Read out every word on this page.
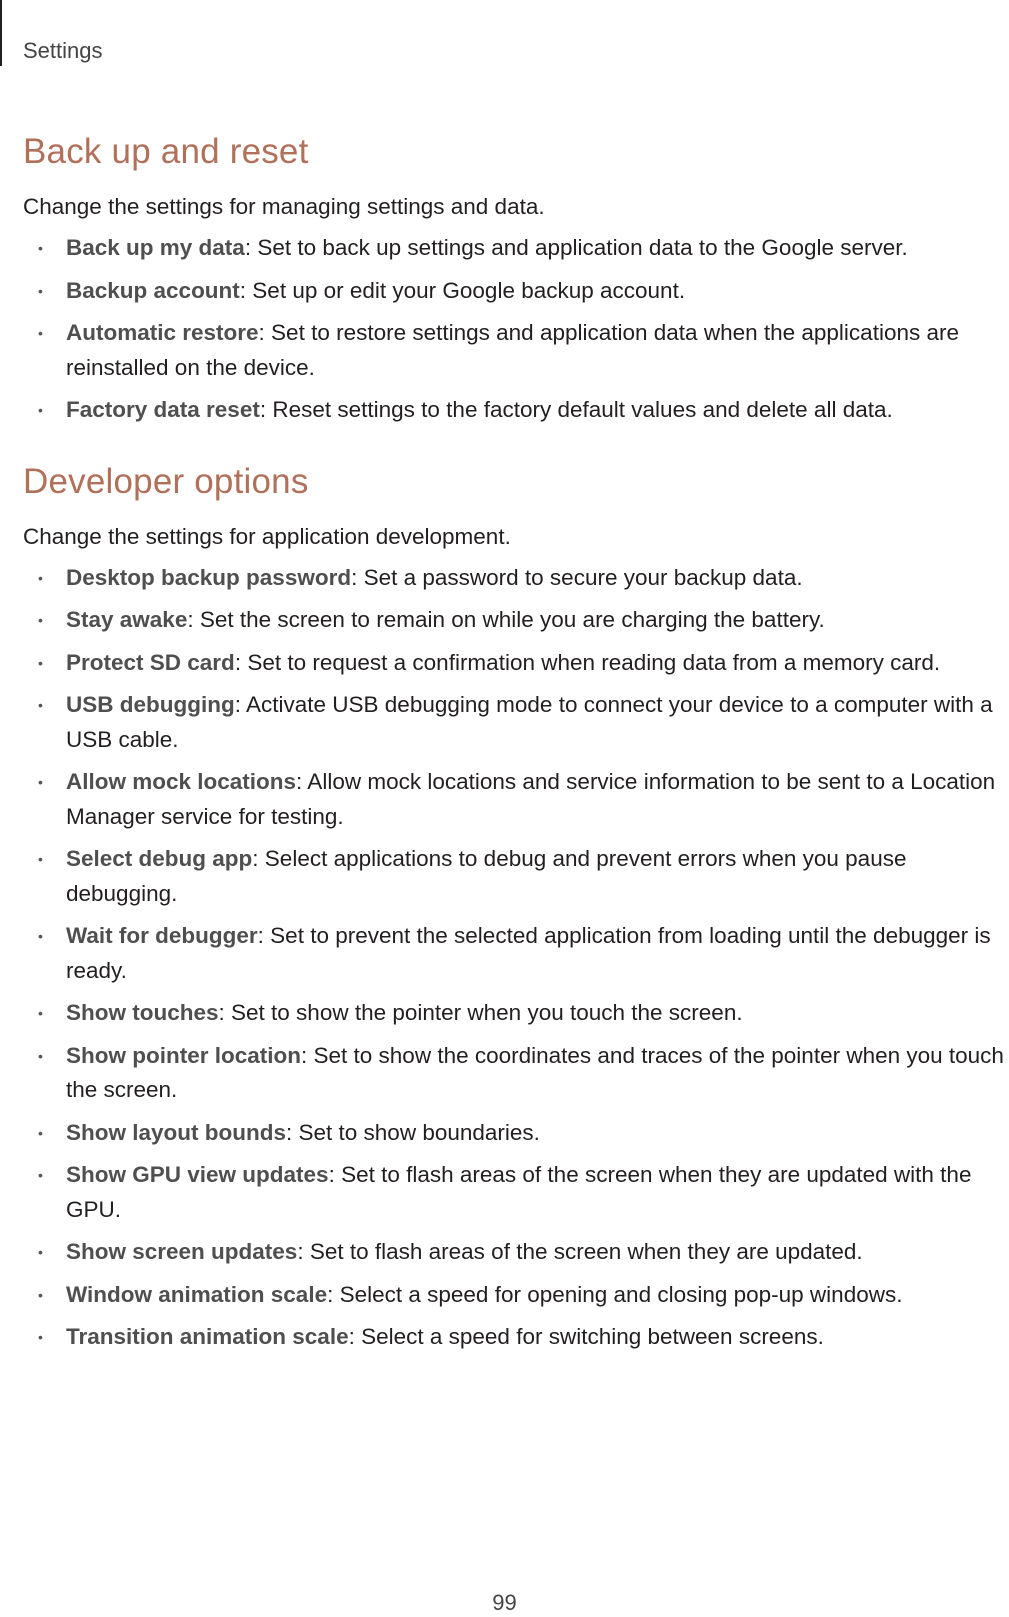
Settings
Back up and reset

Change the settings for managing settings and data.

• Back up my data: Set to back up settings and application data to the Google server.
• Backup account: Set up or edit your Google backup account.
• Automatic restore: Set to restore settings and application data when the applications are reinstalled on the device.
• Factory data reset: Reset settings to the factory default values and delete all data.
Developer options

Change the settings for application development.

• Desktop backup password: Set a password to secure your backup data.
• Stay awake: Set the screen to remain on while you are charging the battery.
• Protect SD card: Set to request a confirmation when reading data from a memory card.
• USB debugging: Activate USB debugging mode to connect your device to a computer with a USB cable.
• Allow mock locations: Allow mock locations and service information to be sent to a Location Manager service for testing.
• Select debug app: Select applications to debug and prevent errors when you pause debugging.
• Wait for debugger: Set to prevent the selected application from loading until the debugger is ready.
• Show touches: Set to show the pointer when you touch the screen.
• Show pointer location: Set to show the coordinates and traces of the pointer when you touch the screen.
• Show layout bounds: Set to show boundaries.
• Show GPU view updates: Set to flash areas of the screen when they are updated with the GPU.
• Show screen updates: Set to flash areas of the screen when they are updated.
• Window animation scale: Select a speed for opening and closing pop-up windows.
• Transition animation scale: Select a speed for switching between screens.
99
